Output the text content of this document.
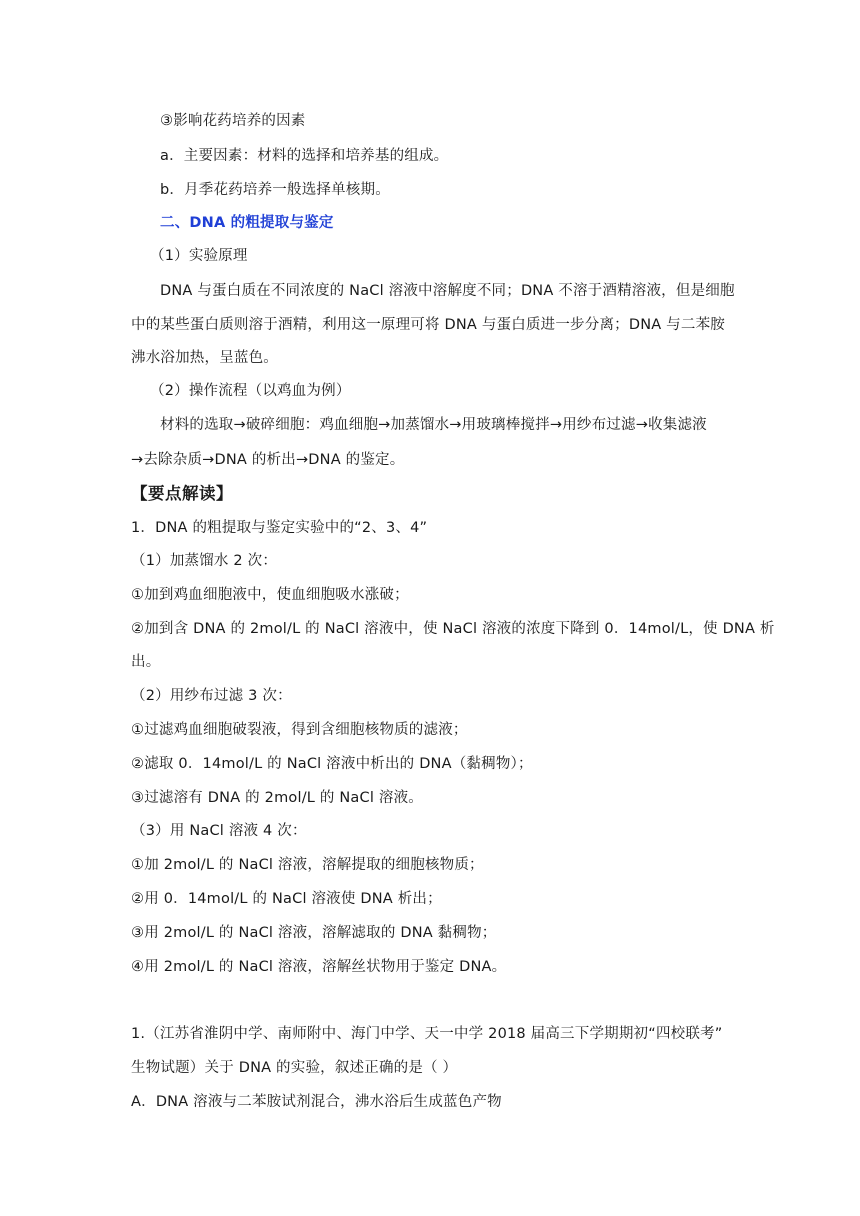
③影响花药培养的因素
a．主要因素：材料的选择和培养基的组成。
b．月季花药培养一般选择单核期。
二、DNA 的粗提取与鉴定
（1）实验原理
DNA 与蛋白质在不同浓度的 NaCl 溶液中溶解度不同；DNA 不溶于酒精溶液，但是细胞
中的某些蛋白质则溶于酒精，利用这一原理可将 DNA 与蛋白质进一步分离；DNA 与二苯胺
沸水浴加热，呈蓝色。
（2）操作流程（以鸡血为例）
材料的选取→破碎细胞：鸡血细胞→加蒸馏水→用玻璃棒搅拌→用纱布过滤→收集滤液
→去除杂质→DNA 的析出→DNA 的鉴定。
【要点解读】
1．DNA 的粗提取与鉴定实验中的“2、3、4”
（1）加蒸馏水 2 次：
①加到鸡血细胞液中，使血细胞吸水涨破；
②加到含 DNA 的 2mol/L 的 NaCl 溶液中，使 NaCl 溶液的浓度下降到 0．14mol/L，使 DNA 析
出。
（2）用纱布过滤 3 次：
①过滤鸡血细胞破裂液，得到含细胞核物质的滤液；
②滤取 0．14mol/L 的 NaCl 溶液中析出的 DNA（黏稠物）；
③过滤溶有 DNA 的 2mol/L 的 NaCl 溶液。
（3）用 NaCl 溶液 4 次：
①加 2mol/L 的 NaCl 溶液，溶解提取的细胞核物质；
②用 0．14mol/L 的 NaCl 溶液使 DNA 析出；
③用 2mol/L 的 NaCl 溶液，溶解滤取的 DNA 黏稠物；
④用 2mol/L 的 NaCl 溶液，溶解丝状物用于鉴定 DNA。
1.（江苏省淮阴中学、南师附中、海门中学、天一中学 2018 届高三下学期期初“四校联考”
生物试题）关于 DNA 的实验，叙述正确的是（ ）
A．DNA 溶液与二苯胺试剂混合，沸水浴后生成蓝色产物
